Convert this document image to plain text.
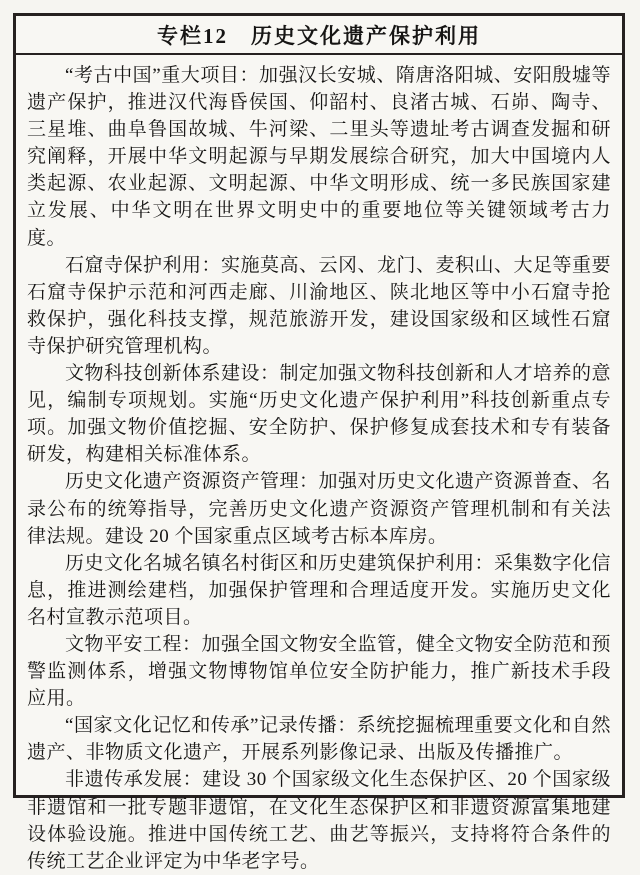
专栏12　历史文化遗产保护利用

“考古中国”重大项目：加强汉长安城、隋唐洛阳城、安阳殷墟等遗产保护，推进汉代海昏侯国、仰韶村、良渚古城、石峁、陶寺、三星堆、曲阜鲁国故城、牛河梁、二里头等遗址考古调查发掘和研究阐释，开展中华文明起源与早期发展综合研究，加大中国境内人类起源、农业起源、文明起源、中华文明形成、统一多民族国家建立发展、中华文明在世界文明史中的重要地位等关键领域考古力度。

石窟寺保护利用：实施莫高、云冈、龙门、麦积山、大足等重要石窟寺保护示范和河西走廊、川渝地区、陕北地区等中小石窟寺抢救保护，强化科技支撑，规范旅游开发，建设国家级和区域性石窟寺保护研究管理机构。

文物科技创新体系建设：制定加强文物科技创新和人才培养的意见，编制专项规划。实施“历史文化遗产保护利用”科技创新重点专项。加强文物价值挖掘、安全防护、保护修复成套技术和专有装备研发，构建相关标准体系。

历史文化遗产资源资产管理：加强对历史文化遗产资源普查、名录公布的统筹指导，完善历史文化遗产资源资产管理机制和有关法律法规。建设 20 个国家重点区域考古标本库房。

历史文化名城名镇名村街区和历史建筑保护利用：采集数字化信息，推进测绘建档，加强保护管理和合理适度开发。实施历史文化名村宣教示范项目。

文物平安工程：加强全国文物安全监管，健全文物安全防范和预警监测体系，增强文物博物馆单位安全防护能力，推广新技术手段应用。

“国家文化记忆和传承”记录传播：系统挖掘梳理重要文化和自然遗产、非物质文化遗产，开展系列影像记录、出版及传播推广。

非遗传承发展：建设 30 个国家级文化生态保护区、20 个国家级非遗馆和一批专题非遗馆，在文化生态保护区和非遗资源富集地建设体验设施。推进中国传统工艺、曲艺等振兴，支持将符合条件的传统工艺企业评定为中华老字号。
